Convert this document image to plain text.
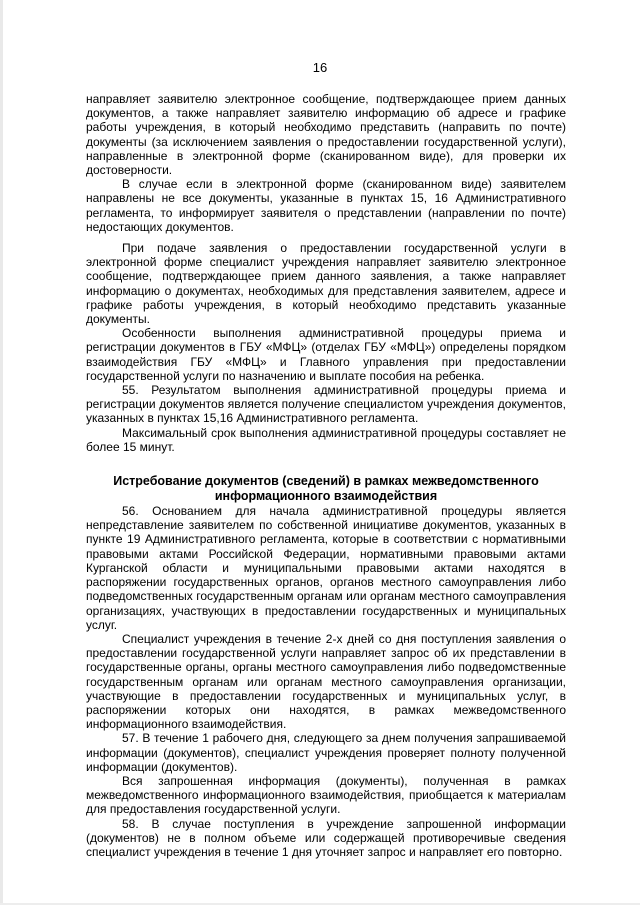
16

направляет заявителю электронное сообщение, подтверждающее прием данных документов, а также направляет заявителю информацию об адресе и графике работы учреждения, в который необходимо представить (направить по почте) документы (за исключением заявления о предоставлении государственной услуги), направленные в электронной форме (сканированном виде), для проверки их достоверности.

В случае если в электронной форме (сканированном виде) заявителем направлены не все документы, указанные в пунктах 15, 16 Административного регламента, то информирует заявителя о представлении (направлении по почте) недостающих документов.

При подаче заявления о предоставлении государственной услуги в электронной форме специалист учреждения направляет заявителю электронное сообщение, подтверждающее прием данного заявления, а также направляет информацию о документах, необходимых для представления заявителем, адресе и графике работы учреждения, в который необходимо представить указанные документы.

Особенности выполнения административной процедуры приема и регистрации документов в ГБУ «МФЦ» (отделах ГБУ «МФЦ») определены порядком взаимодействия ГБУ «МФЦ» и Главного управления при предоставлении государственной услуги по назначению и выплате пособия на ребенка.

55. Результатом выполнения административной процедуры приема и регистрации документов является получение специалистом учреждения документов, указанных в пунктах 15,16 Административного регламента.

Максимальный срок выполнения административной процедуры составляет не более 15 минут.

Истребование документов (сведений) в рамках межведомственного
информационного взаимодействия

56. Основанием для начала административной процедуры является непредставление заявителем по собственной инициативе документов, указанных в пункте 19 Административного регламента, которые в соответствии с нормативными правовыми актами Российской Федерации, нормативными правовыми актами Курганской области и муниципальными правовыми актами находятся в распоряжении государственных органов, органов местного самоуправления либо подведомственных государственным органам или органам местного самоуправления организациях, участвующих в предоставлении государственных и муниципальных услуг.

Специалист учреждения в течение 2-х дней со дня поступления заявления о предоставлении государственной услуги направляет запрос об их представлении в государственные органы, органы местного самоуправления либо подведомственные государственным органам или органам местного самоуправления организации, участвующие в предоставлении государственных и муниципальных услуг, в распоряжении которых они находятся, в рамках межведомственного информационного взаимодействия.

57. В течение 1 рабочего дня, следующего за днем получения запрашиваемой информации (документов), специалист учреждения проверяет полноту полученной информации (документов).

Вся запрошенная информация (документы), полученная в рамках межведомственного информационного взаимодействия, приобщается к материалам для предоставления государственной услуги.

58. В случае поступления в учреждение запрошенной информации (документов) не в полном объеме или содержащей противоречивые сведения специалист учреждения в течение 1 дня уточняет запрос и направляет его повторно.
